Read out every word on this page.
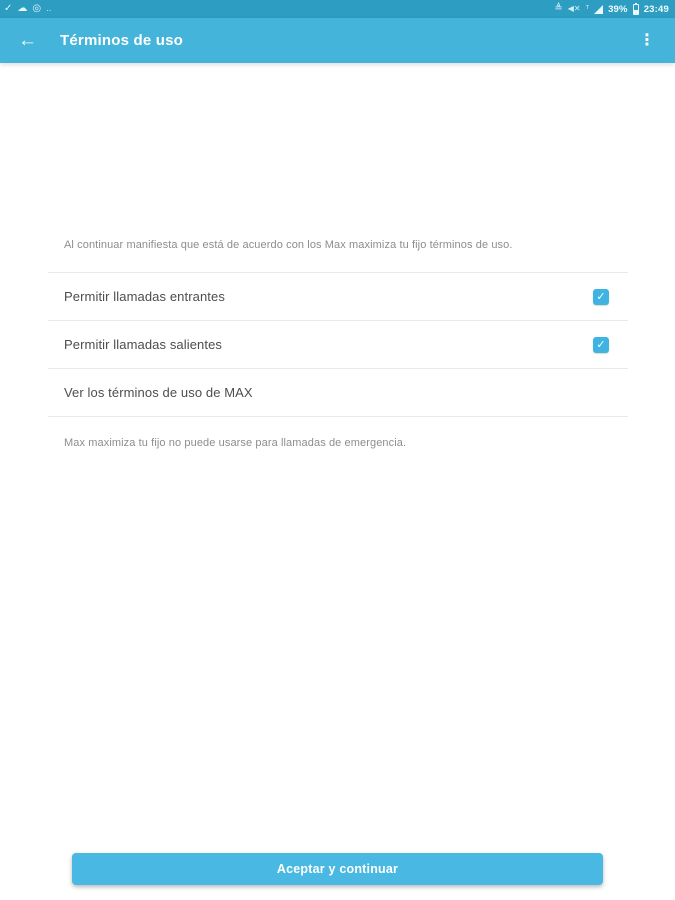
✓ ☁ ◎ ‥	≜ ◀✕ ᵀ 39% 23:49
←	Términos de uso	⋮

Al continuar manifiesta que está de acuerdo con los Max maximiza tu fijo términos de uso.

Permitir llamadas entrantes	✓
Permitir llamadas salientes	✓
Ver los términos de uso de MAX

Max maximiza tu fijo no puede usarse para llamadas de emergencia.

Aceptar y continuar
